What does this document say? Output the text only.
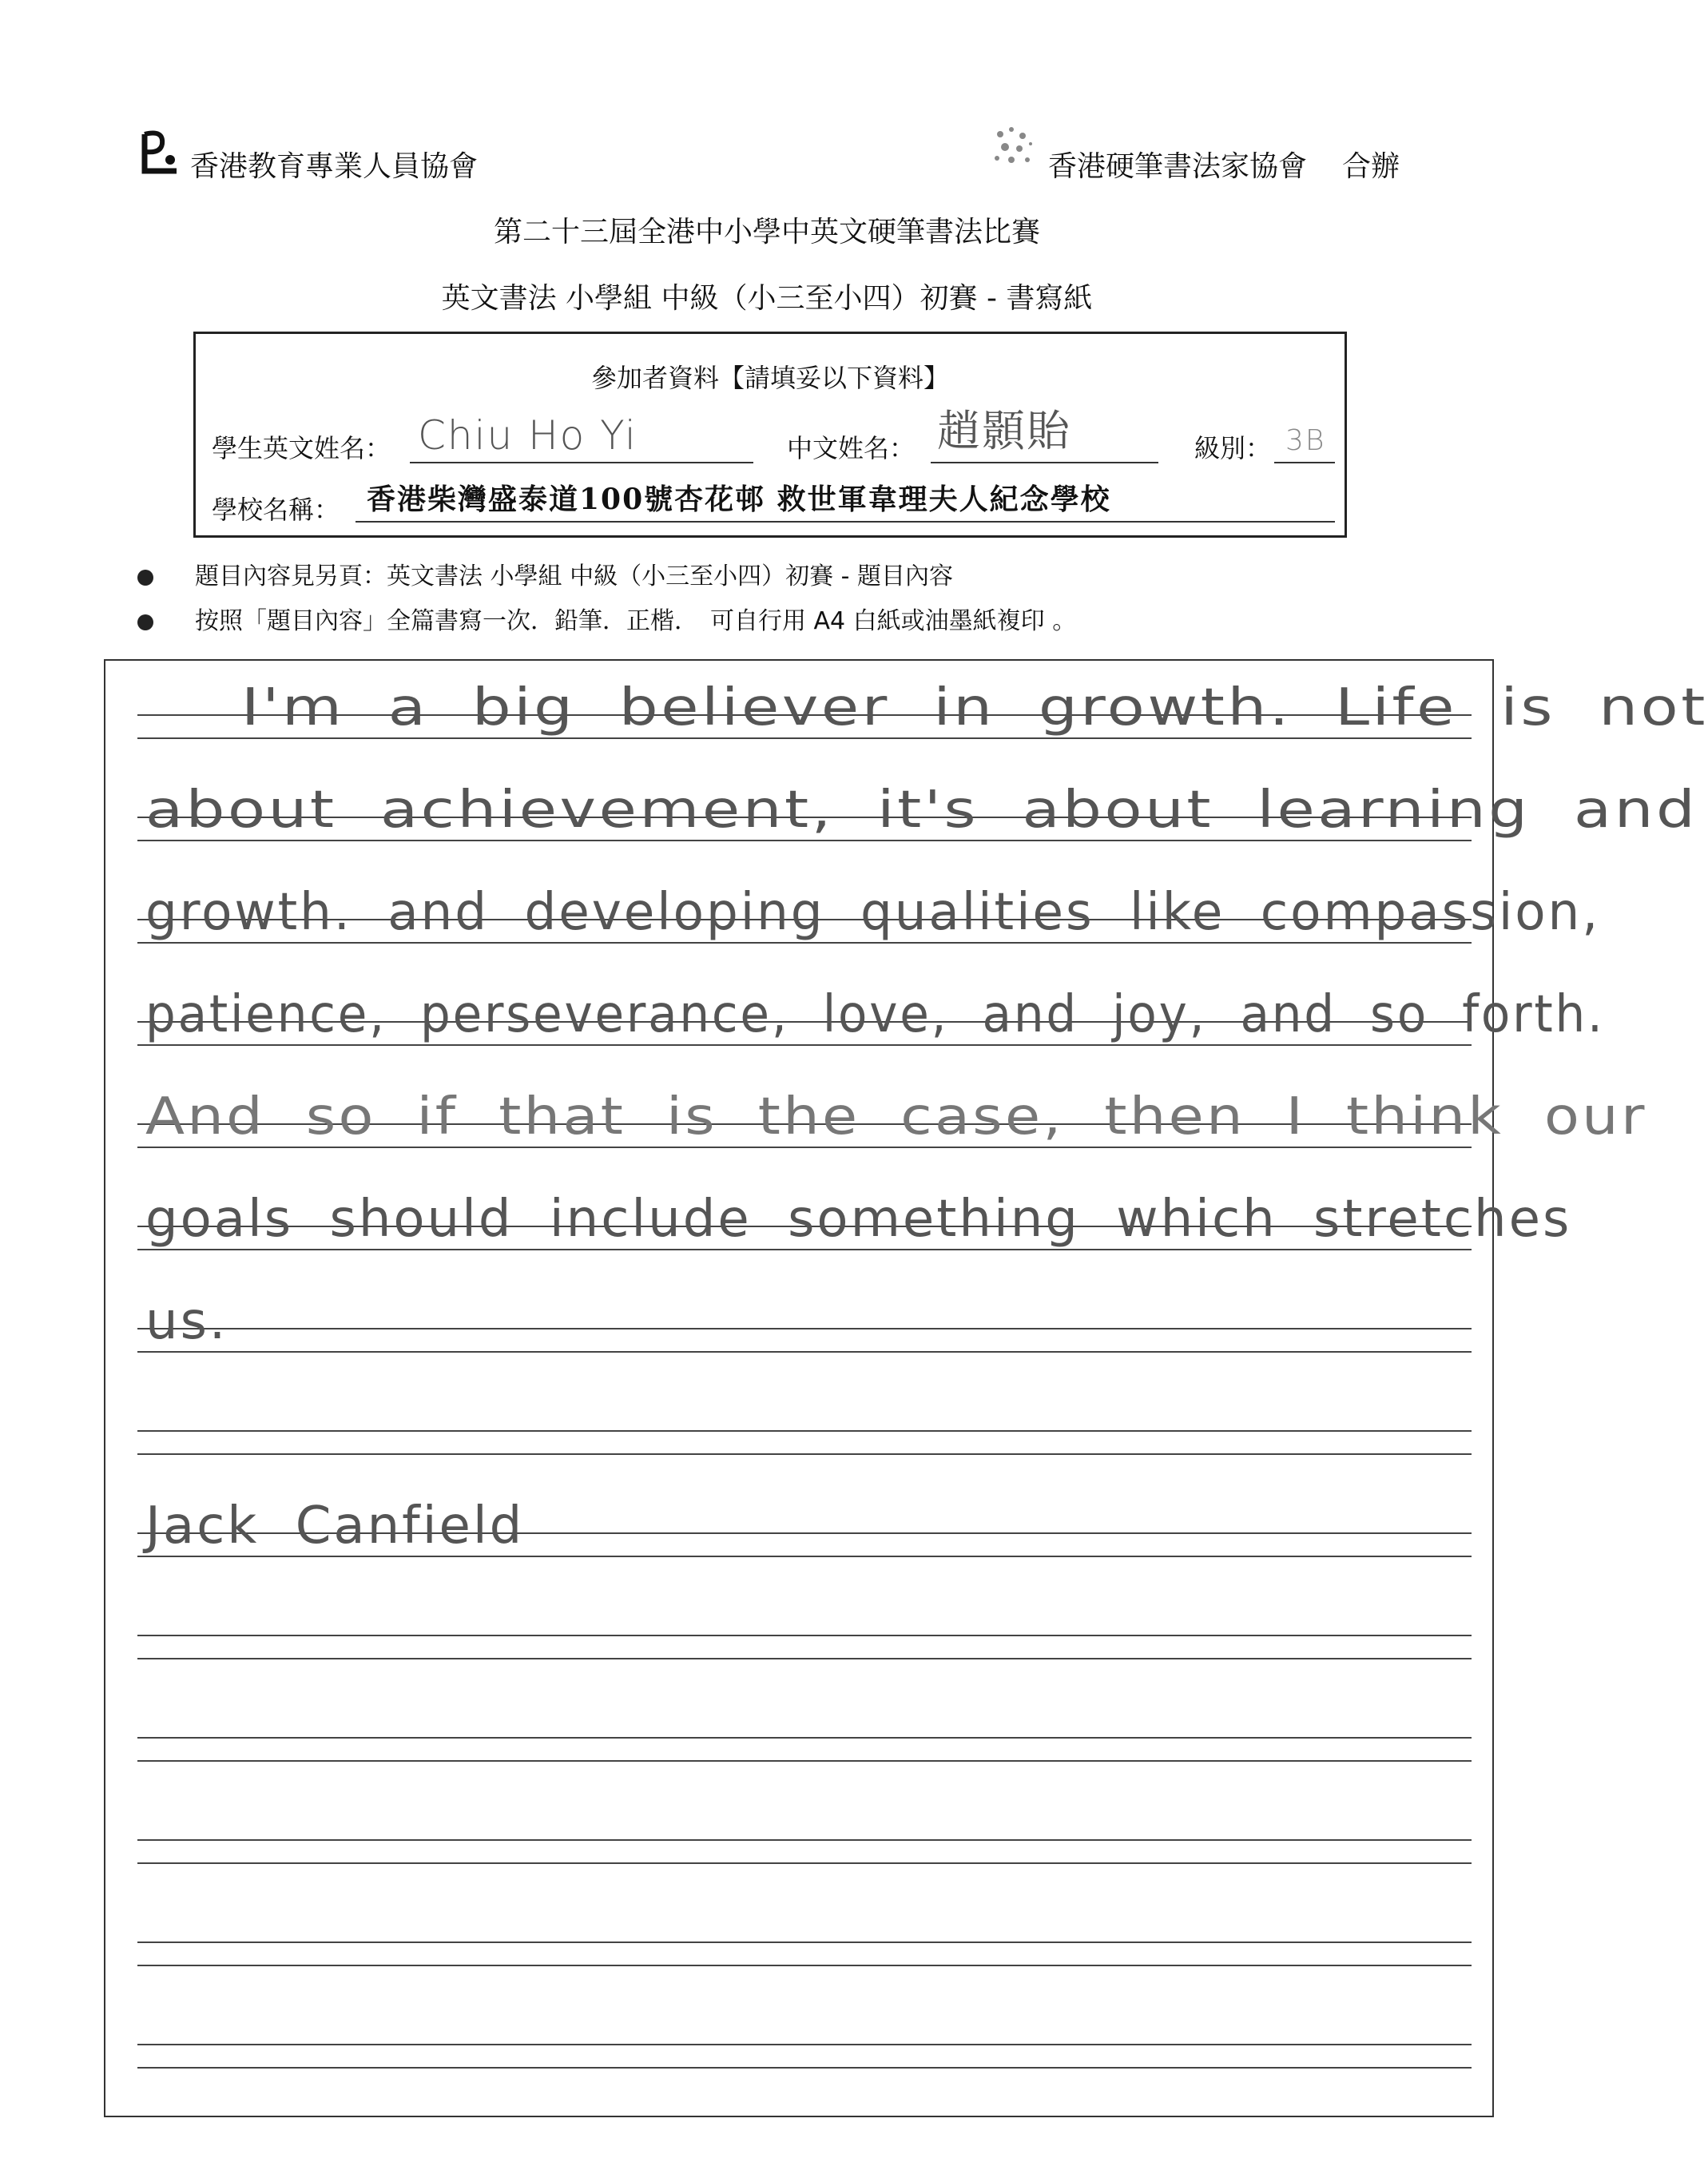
香港教育專業人員協會	香港硬筆書法家協會 合辦
第二十三屆全港中小學中英文硬筆書法比賽
英文書法 小學組 中級（小三至小四）初賽 - 書寫紙
參加者資料【請填妥以下資料】
學生英文姓名： Chiu Ho Yi	中文姓名： 趙顥貽	級別： 3B
學校名稱： 香港柴灣盛泰道100號杏花邨 救世軍韋理夫人紀念學校
題目內容見另頁：英文書法 小學組 中級（小三至小四）初賽 - 題目內容
按照「題目內容」全篇書寫一次．鉛筆．正楷．　可自行用 A4 白紙或油墨紙複印 。
I'm a big believer in growth. Life is not
about achievement, it's about learning and
growth. and developing qualities like compassion,
patience, perseverance, love, and joy, and so forth.
And so if that is the case, then I think our
goals should include something which stretches
us.
Jack Canfield
